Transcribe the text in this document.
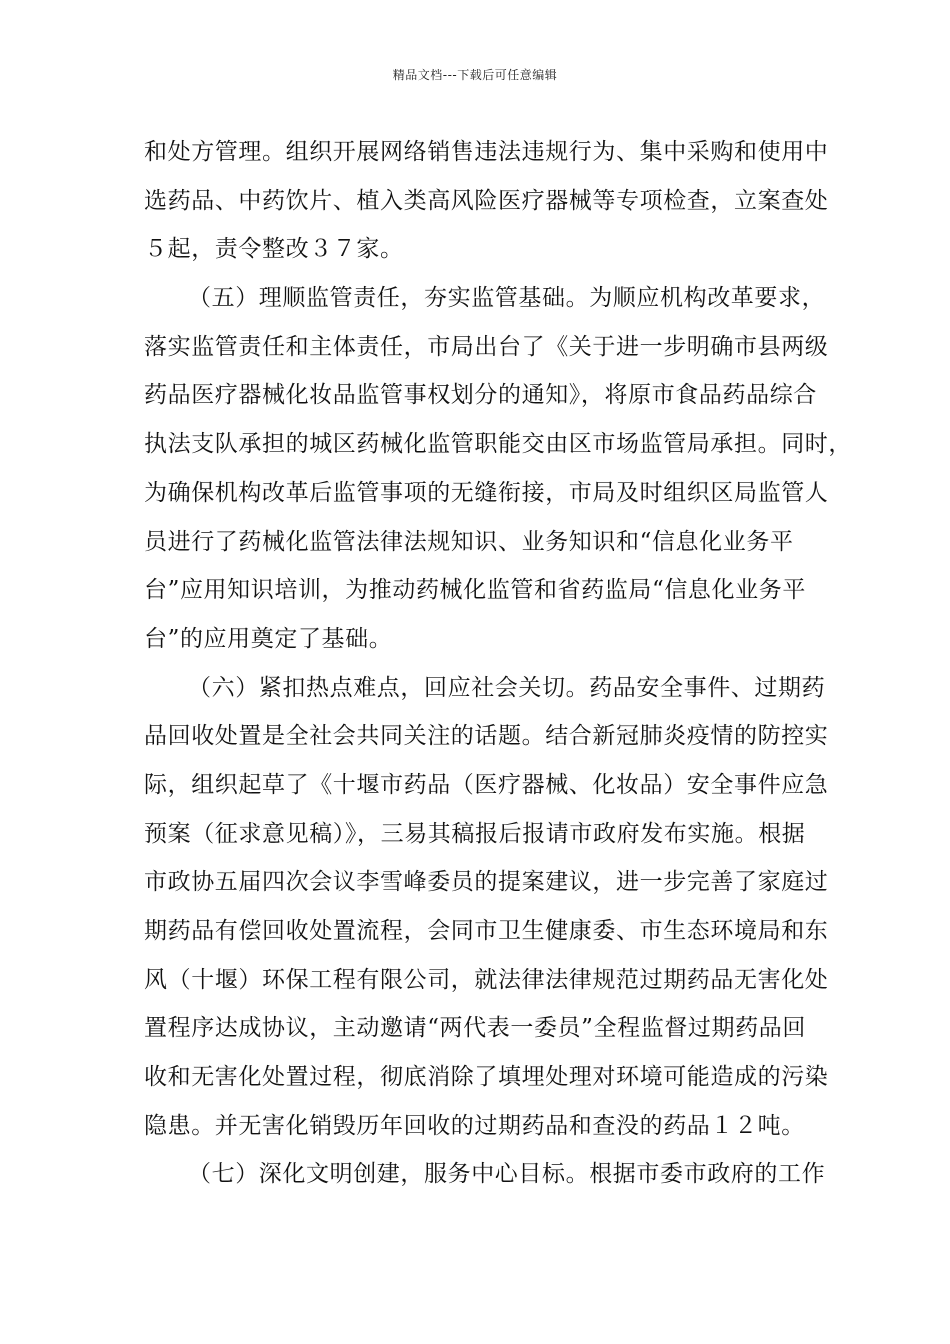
精品文档---下载后可任意编辑
和处方管理。组织开展网络销售违法违规行为、集中采购和使用中
选药品、中药饮片、植入类高风险医疗器械等专项检查，立案查处
５起，责令整改３７家。
（五）理顺监管责任，夯实监管基础。为顺应机构改革要求，
落实监管责任和主体责任，市局出台了《关于进一步明确市县两级
药品医疗器械化妆品监管事权划分的通知》，将原市食品药品综合
执法支队承担的城区药械化监管职能交由区市场监管局承担。同时，
为确保机构改革后监管事项的无缝衔接，市局及时组织区局监管人
员进行了药械化监管法律法规知识、业务知识和“信息化业务平
台”应用知识培训，为推动药械化监管和省药监局“信息化业务平
台”的应用奠定了基础。
（六）紧扣热点难点，回应社会关切。药品安全事件、过期药
品回收处置是全社会共同关注的话题。结合新冠肺炎疫情的防控实
际，组织起草了《十堰市药品（医疗器械、化妆品）安全事件应急
预案（征求意见稿）》，三易其稿报后报请市政府发布实施。根据
市政协五届四次会议李雪峰委员的提案建议，进一步完善了家庭过
期药品有偿回收处置流程，会同市卫生健康委、市生态环境局和东
风（十堰）环保工程有限公司，就法律法律规范过期药品无害化处
置程序达成协议，主动邀请“两代表一委员”全程监督过期药品回
收和无害化处置过程，彻底消除了填埋处理对环境可能造成的污染
隐患。并无害化销毁历年回收的过期药品和查没的药品１２吨。
（七）深化文明创建，服务中心目标。根据市委市政府的工作
